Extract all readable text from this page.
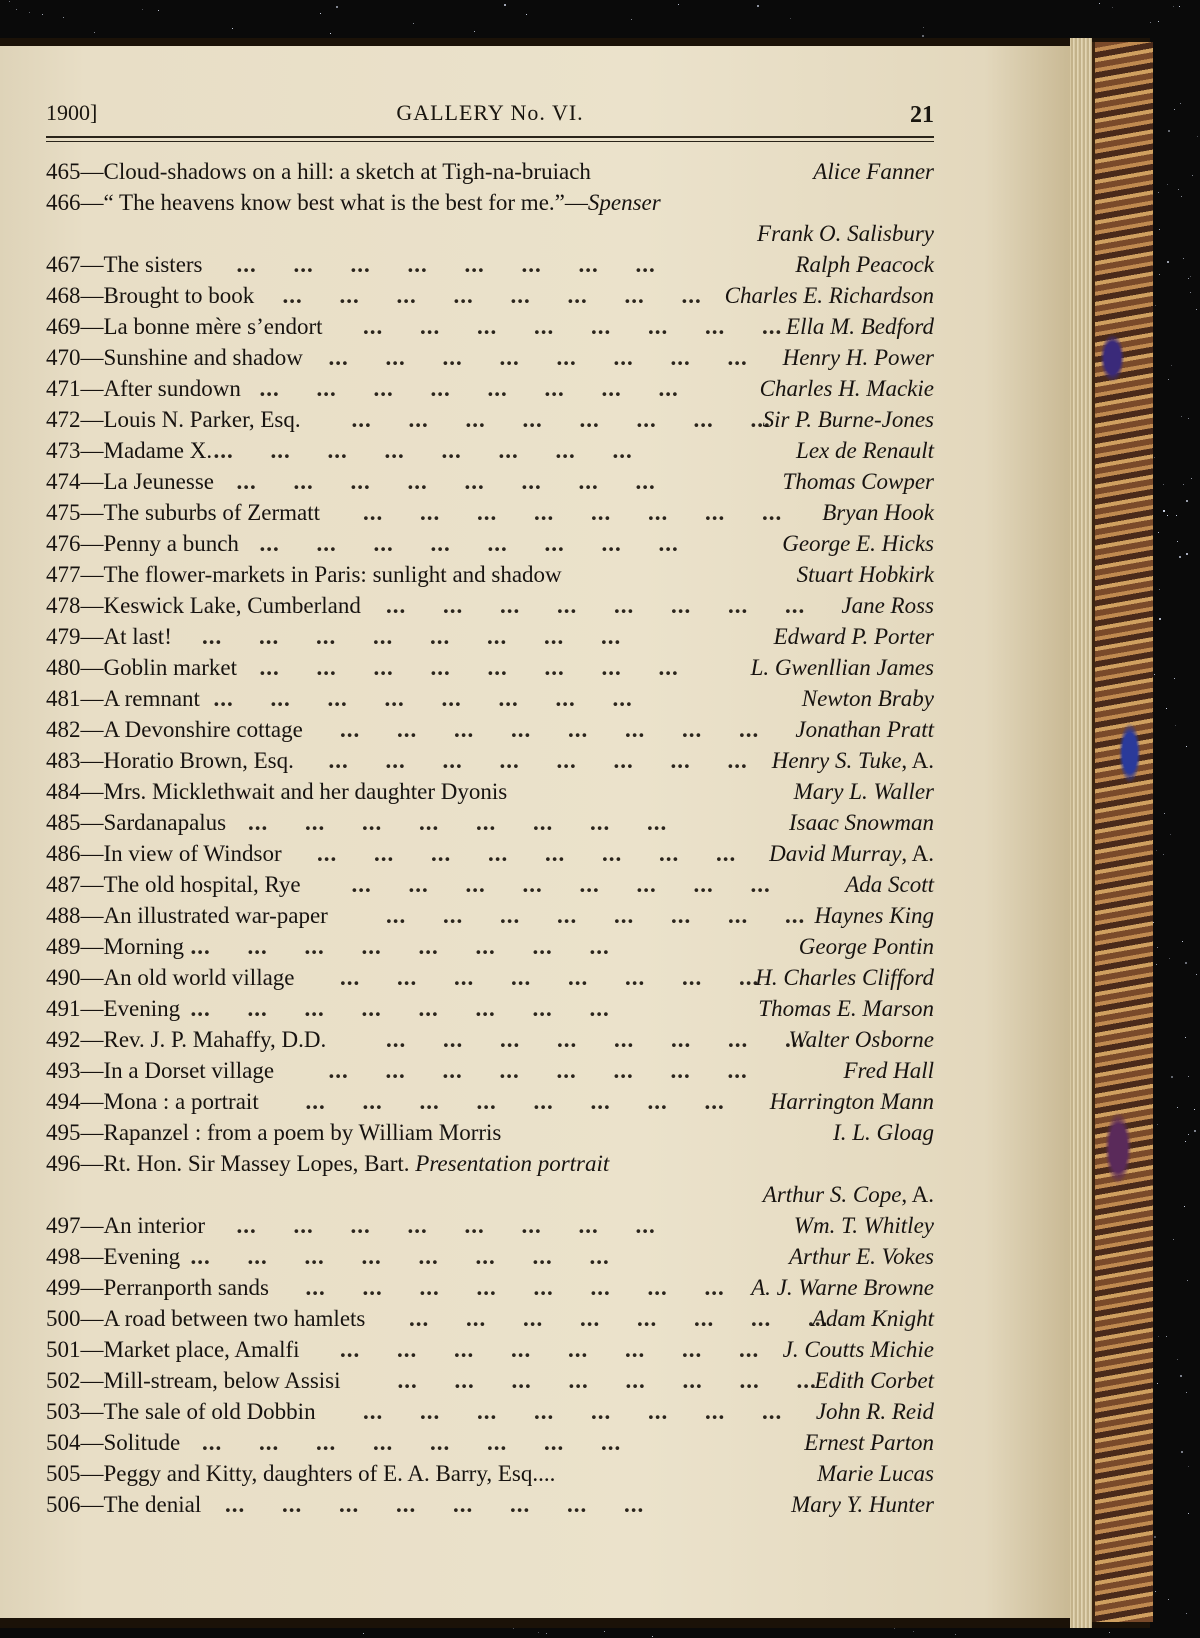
1900]	GALLERY No. VI.	21
465—Cloud-shadows on a hill: a sketch at Tigh-na-bruiach	Alice Fanner
466—“ The heavens know best what is the best for me.”—Spenser
Frank O. Salisbury
467—The sisters ... ... ... ... ... ... ... ...	Ralph Peacock
468—Brought to book ... ... ... ... ... ... ... ... Charles E. Richardson
469—La bonne mère s’endort ... ... ... ... ... ... ... ... Ella M. Bedford
470—Sunshine and shadow ... ... ... ... ... ... ... ... Henry H. Power
471—After sundown ... ... ... ... ... ... ... ...	Charles H. Mackie
472—Louis N. Parker, Esq. ... ... ... ... ... ... ... ...
Sir P. Burne-Jones
473—Madame X. ... ... ... ... ... ... ... ...	Lex de Renault
474—La Jeunesse ... ... ... ... ... ... ... ...	Thomas Cowper
475—The suburbs of Zermatt ... ... ... ... ... ... ... ... Bryan Hook
476—Penny a bunch ... ... ... ... ... ... ... ...	George E. Hicks
477—The flower-markets in Paris: sunlight and shadow	Stuart Hobkirk
478—Keswick Lake, Cumberland ... ... ... ... ... ... ... ... Jane Ross
479—At last! ... ... ... ... ... ... ... ...	Edward P. Porter
480—Goblin market ... ... ... ... ... ... ... ...	L. Gwenllian James
481—A remnant ... ... ... ... ... ... ... ...	Newton Braby
482—A Devonshire cottage ... ... ... ... ... ... ... ... Jonathan Pratt
483—Horatio Brown, Esq. ... ... ... ... ... ... ... ... Henry S. Tuke, A.
484—Mrs. Micklethwait and her daughter Dyonis	Mary L. Waller
485—Sardanapalus ... ... ... ... ... ... ... ...	Isaac Snowman
486—In view of Windsor ... ... ... ... ... ... ... ... David Murray, A.
487—The old hospital, Rye ... ... ... ... ... ... ... ...	Ada Scott
488—An illustrated war-paper	... ... ... ... ... ... ... ... Haynes King
489—Morning ... ... ... ... ... ... ... ...	George Pontin
490—An old world village ... ... ... ... ... ... ... ...
H. Charles Clifford
491—Evening ... ... ... ... ... ... ... ...	Thomas E. Marson
492—Rev. J. P. Mahaffy, D.D.	... ... ... ... ... ... ... ...
Walter Osborne
493—In a Dorset village ... ... ... ... ... ... ... ...	Fred Hall
494—Mona : a portrait ... ... ... ... ... ... ... ... Harrington Mann
495—Rapanzel : from a poem by William Morris	I. L. Gloag
496—Rt. Hon. Sir Massey Lopes, Bart. Presentation portrait
Arthur S. Cope, A.
497—An interior ... ... ... ... ... ... ... ...	Wm. T. Whitley
498—Evening ... ... ... ... ... ... ... ...	Arthur E. Vokes
499—Perranporth sands ... ... ... ... ... ... ... ... A. J. Warne Browne
500—A road between two hamlets ... ... ... ... ... ... ... ...
Adam Knight
501—Market place, Amalfi ... ... ... ... ... ... ... ... J. Coutts Michie
502—Mill-stream, below Assisi ... ... ... ... ... ... ... ...
Edith Corbet
503—The sale of old Dobbin ... ... ... ... ... ... ... ... John R. Reid
504—Solitude ... ... ... ... ... ... ... ...	Ernest Parton
505—Peggy and Kitty, daughters of E. A. Barry, Esq....	Marie Lucas
506—The denial ... ... ... ... ... ... ... ...	Mary Y. Hunter
